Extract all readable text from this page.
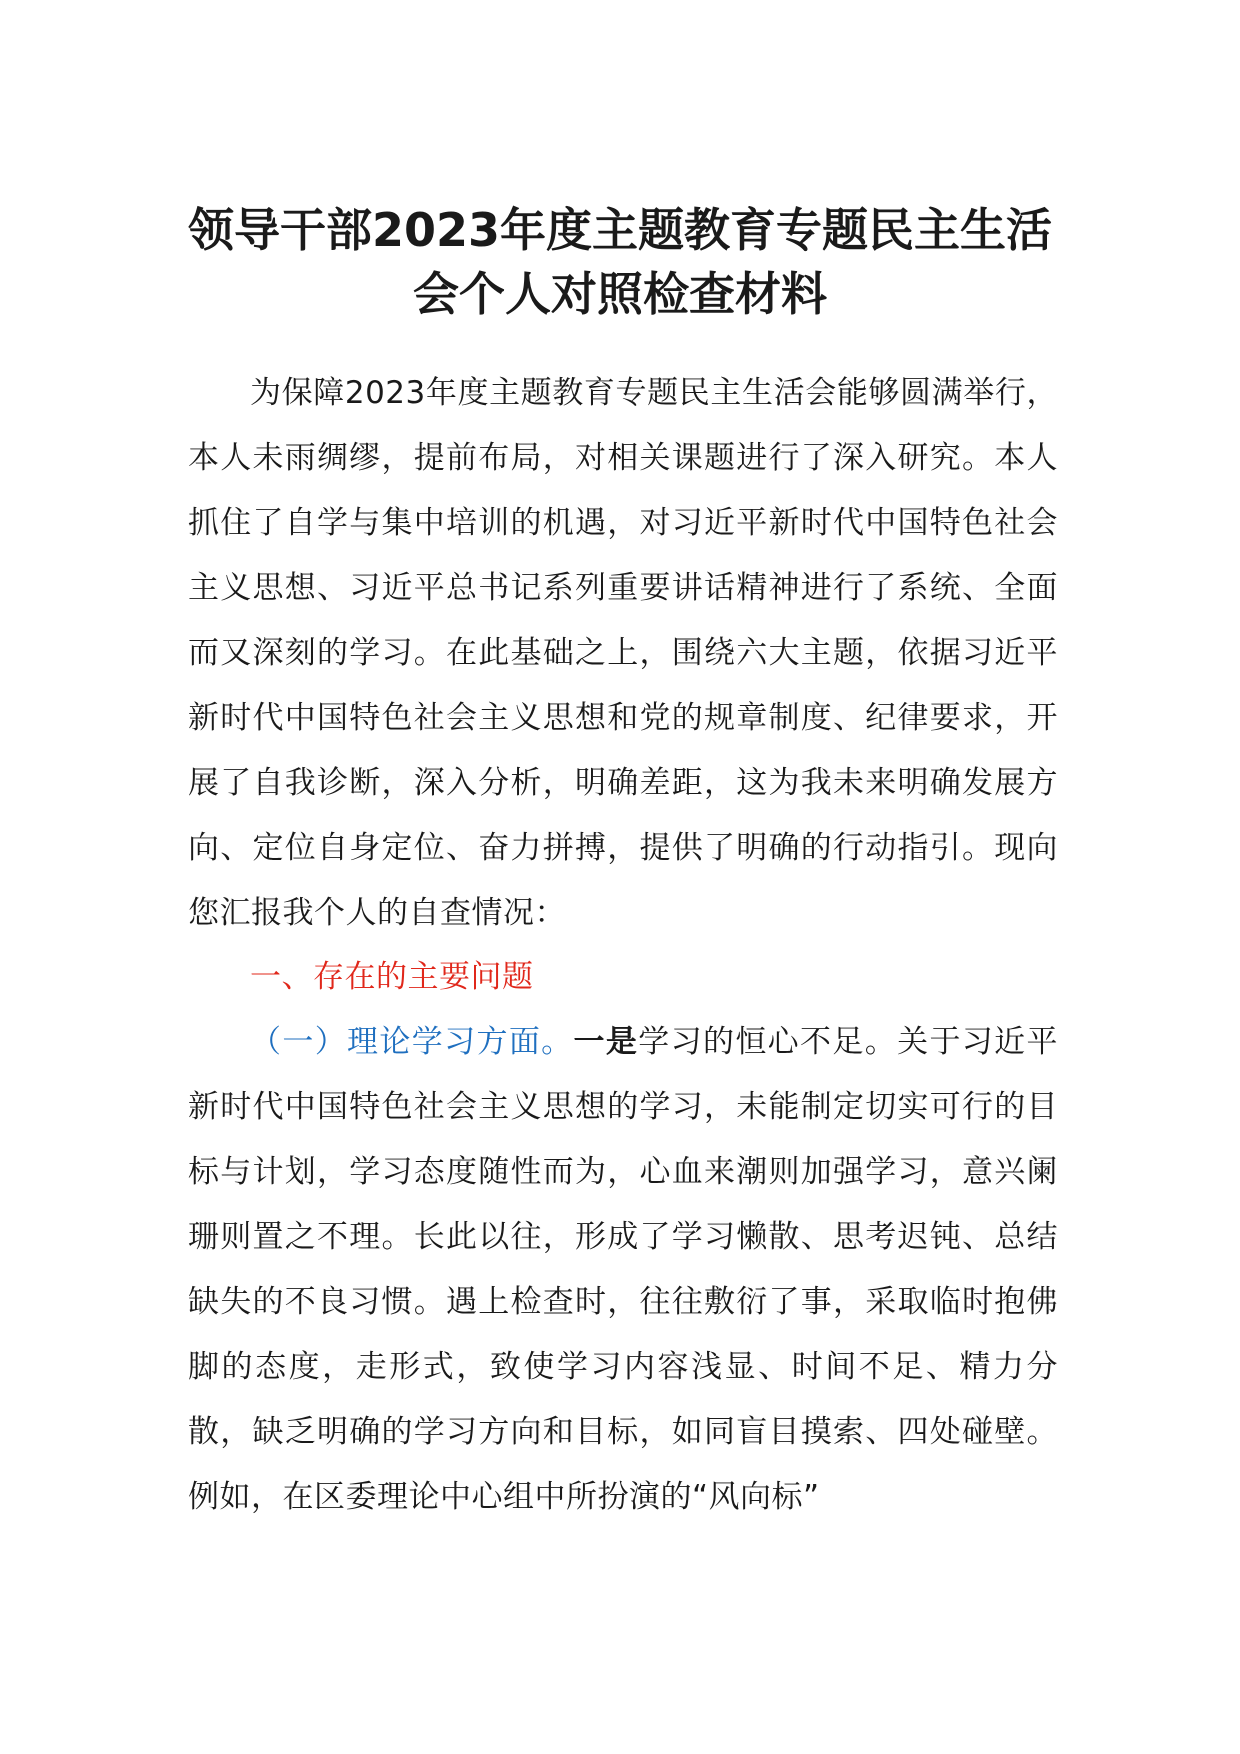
领导干部2023年度主题教育专题民主生活
会个人对照检查材料

为保障2023年度主题教育专题民主生活会能够圆满举行，本人未雨绸缪，提前布局，对相关课题进行了深入研究。本人抓住了自学与集中培训的机遇，对习近平新时代中国特色社会主义思想、习近平总书记系列重要讲话精神进行了系统、全面而又深刻的学习。在此基础之上，围绕六大主题，依据习近平新时代中国特色社会主义思想和党的规章制度、纪律要求，开展了自我诊断，深入分析，明确差距，这为我未来明确发展方向、定位自身定位、奋力拼搏，提供了明确的行动指引。现向您汇报我个人的自查情况：

一、存在的主要问题

（一）理论学习方面。一是学习的恒心不足。关于习近平新时代中国特色社会主义思想的学习，未能制定切实可行的目标与计划，学习态度随性而为，心血来潮则加强学习，意兴阑珊则置之不理。长此以往，形成了学习懒散、思考迟钝、总结缺失的不良习惯。遇上检查时，往往敷衍了事，采取临时抱佛脚的态度，走形式，致使学习内容浅显、时间不足、精力分散，缺乏明确的学习方向和目标，如同盲目摸索、四处碰壁。例如，在区委理论中心组中所扮演的“风向标”
